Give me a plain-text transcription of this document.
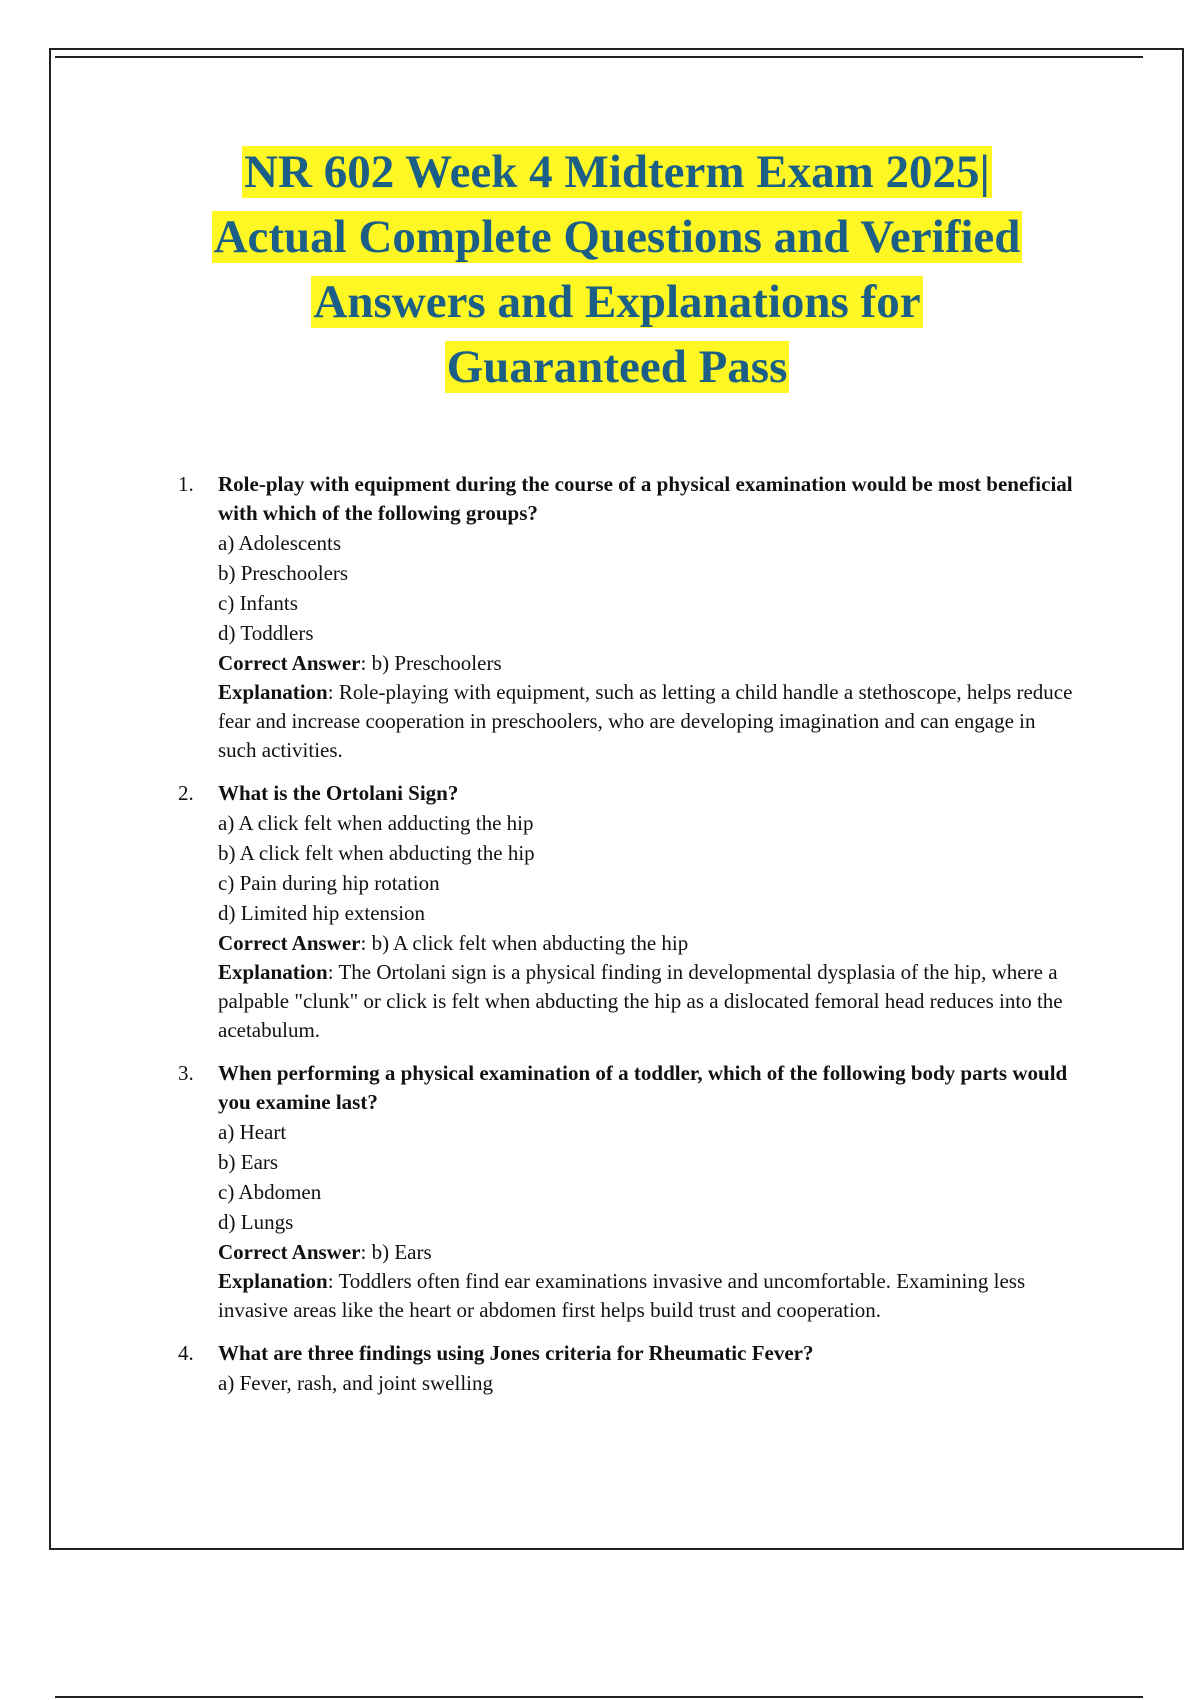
NR 602 Week 4 Midterm Exam 2025|
Actual Complete Questions and Verified
Answers and Explanations for
Guaranteed Pass
1. Role-play with equipment during the course of a physical examination would be most beneficial with which of the following groups?
a) Adolescents
b) Preschoolers
c) Infants
d) Toddlers
Correct Answer: b) Preschoolers
Explanation: Role-playing with equipment, such as letting a child handle a stethoscope, helps reduce fear and increase cooperation in preschoolers, who are developing imagination and can engage in such activities.
2. What is the Ortolani Sign?
a) A click felt when adducting the hip
b) A click felt when abducting the hip
c) Pain during hip rotation
d) Limited hip extension
Correct Answer: b) A click felt when abducting the hip
Explanation: The Ortolani sign is a physical finding in developmental dysplasia of the hip, where a palpable "clunk" or click is felt when abducting the hip as a dislocated femoral head reduces into the acetabulum.
3. When performing a physical examination of a toddler, which of the following body parts would you examine last?
a) Heart
b) Ears
c) Abdomen
d) Lungs
Correct Answer: b) Ears
Explanation: Toddlers often find ear examinations invasive and uncomfortable. Examining less invasive areas like the heart or abdomen first helps build trust and cooperation.
4. What are three findings using Jones criteria for Rheumatic Fever?
a) Fever, rash, and joint swelling
